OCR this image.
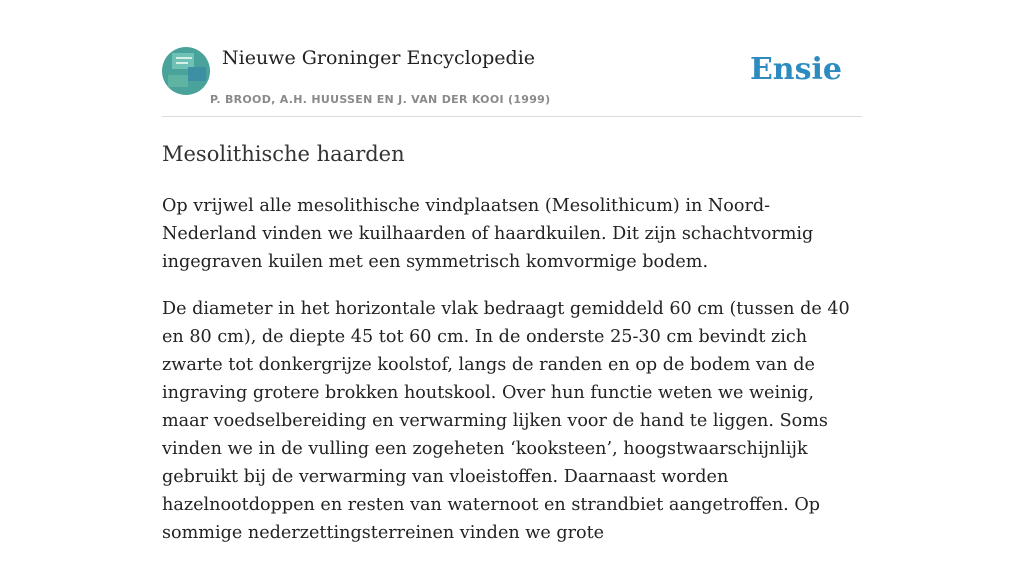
Nieuwe Groninger Encyclopedie
P. BROOD, A.H. HUUSSEN EN J. VAN DER KOOI (1999)
Ensie
Mesolithische haarden

Op vrijwel alle mesolithische vindplaatsen (Mesolithicum) in Noord-Nederland vinden we kuilhaarden of haardkuilen. Dit zijn schachtvormig ingegraven kuilen met een symmetrisch komvormige bodem.

De diameter in het horizontale vlak bedraagt gemiddeld 60 cm (tussen de 40 en 80 cm), de diepte 45 tot 60 cm. In de onderste 25-30 cm bevindt zich zwarte tot donkergrijze koolstof, langs de randen en op de bodem van de ingraving grotere brokken houtskool. Over hun functie weten we weinig, maar voedselbereiding en verwarming lijken voor de hand te liggen. Soms vinden we in de vulling een zogeheten ‘kooksteen’, hoogstwaarschijnlijk gebruikt bij de verwarming van vloeistoffen. Daarnaast worden hazelnootdoppen en resten van waternoot en strandbiet aangetroffen. Op sommige nederzettingsterreinen vinden we grote
